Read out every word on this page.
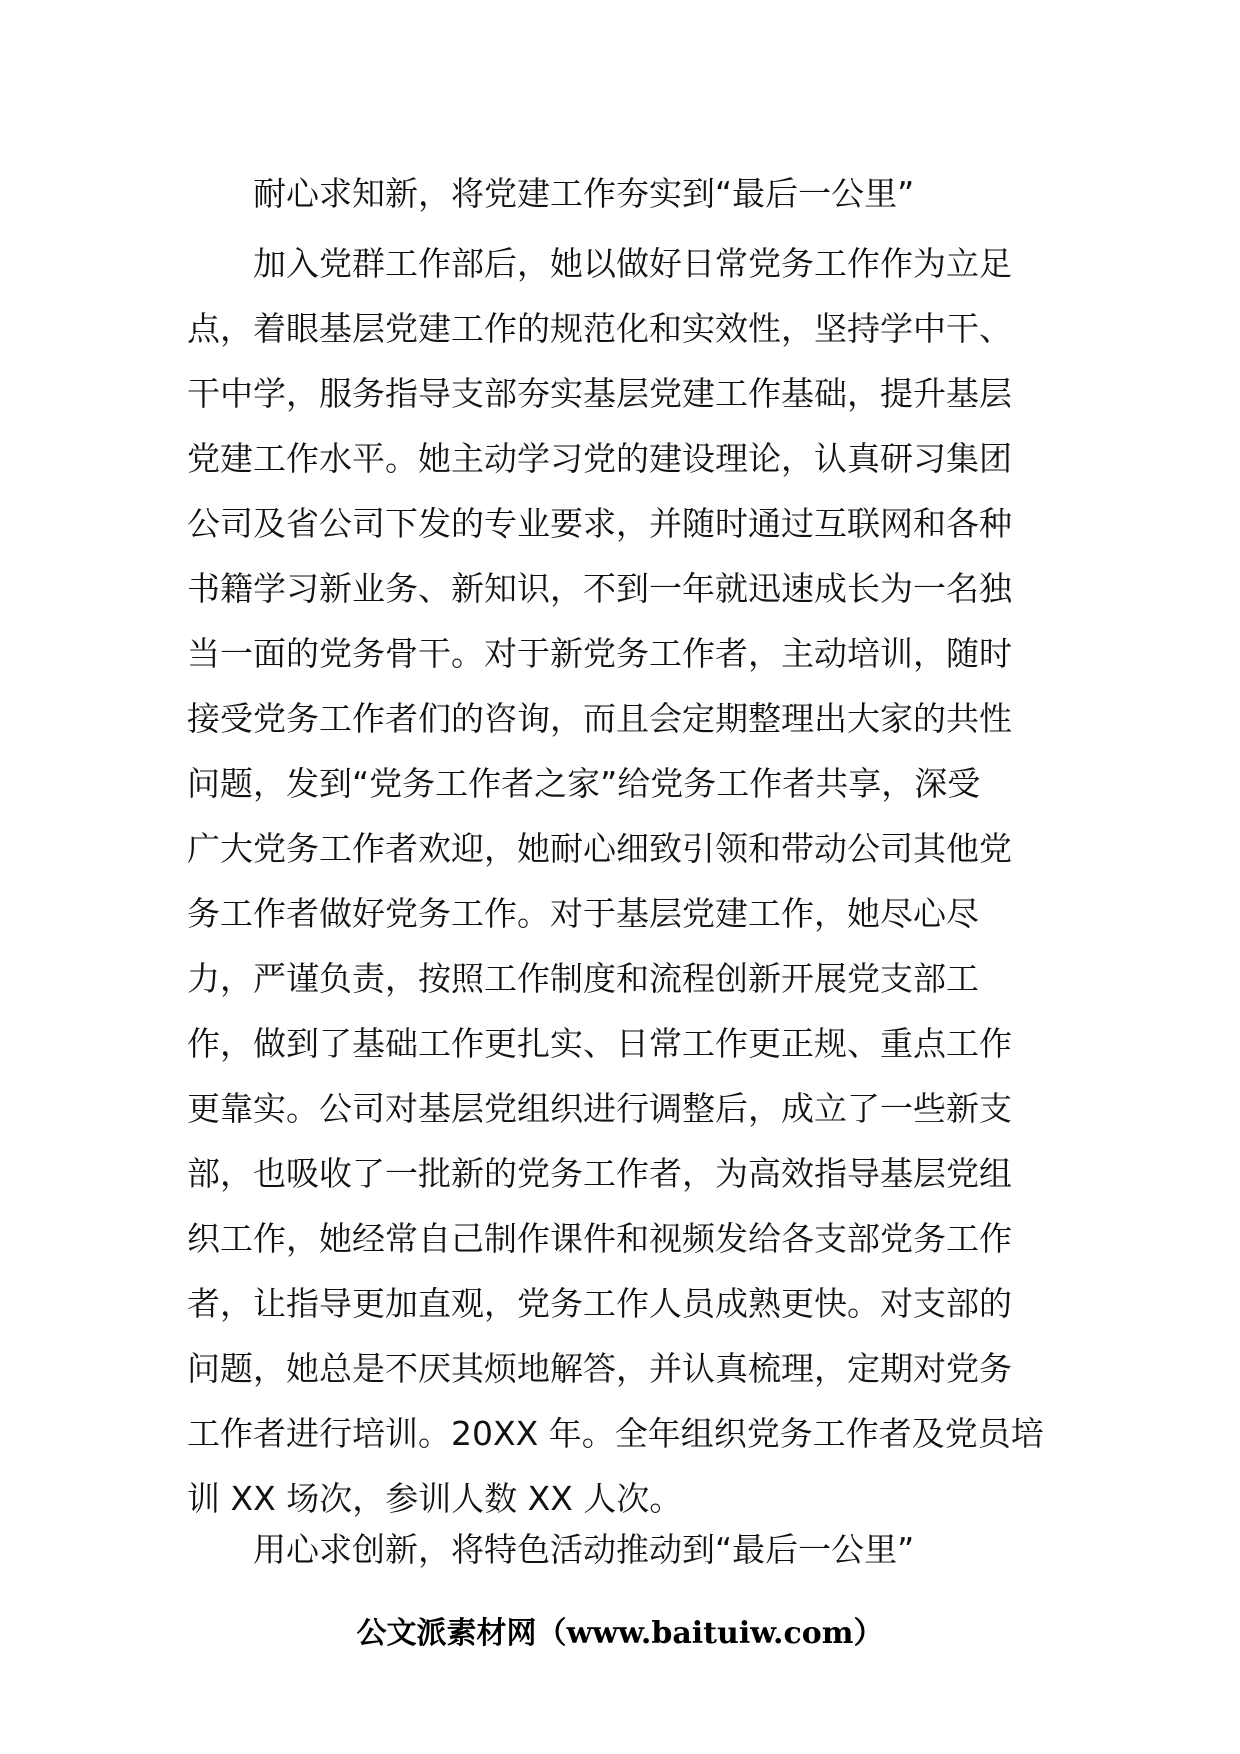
耐心求知新，将党建工作夯实到“最后一公里”
加入党群工作部后，她以做好日常党务工作作为立足
点，着眼基层党建工作的规范化和实效性，坚持学中干、
干中学，服务指导支部夯实基层党建工作基础，提升基层
党建工作水平。她主动学习党的建设理论，认真研习集团
公司及省公司下发的专业要求，并随时通过互联网和各种
书籍学习新业务、新知识，不到一年就迅速成长为一名独
当一面的党务骨干。对于新党务工作者，主动培训，随时
接受党务工作者们的咨询，而且会定期整理出大家的共性
问题，发到“党务工作者之家”给党务工作者共享，深受
广大党务工作者欢迎，她耐心细致引领和带动公司其他党
务工作者做好党务工作。对于基层党建工作，她尽心尽
力，严谨负责，按照工作制度和流程创新开展党支部工
作，做到了基础工作更扎实、日常工作更正规、重点工作
更靠实。公司对基层党组织进行调整后，成立了一些新支
部，也吸收了一批新的党务工作者，为高效指导基层党组
织工作，她经常自己制作课件和视频发给各支部党务工作
者，让指导更加直观，党务工作人员成熟更快。对支部的
问题，她总是不厌其烦地解答，并认真梳理，定期对党务
工作者进行培训。20XX 年。全年组织党务工作者及党员培
训 XX 场次，参训人数 XX 人次。
用心求创新，将特色活动推动到“最后一公里”
公文派素材网（www.baituiw.com）
